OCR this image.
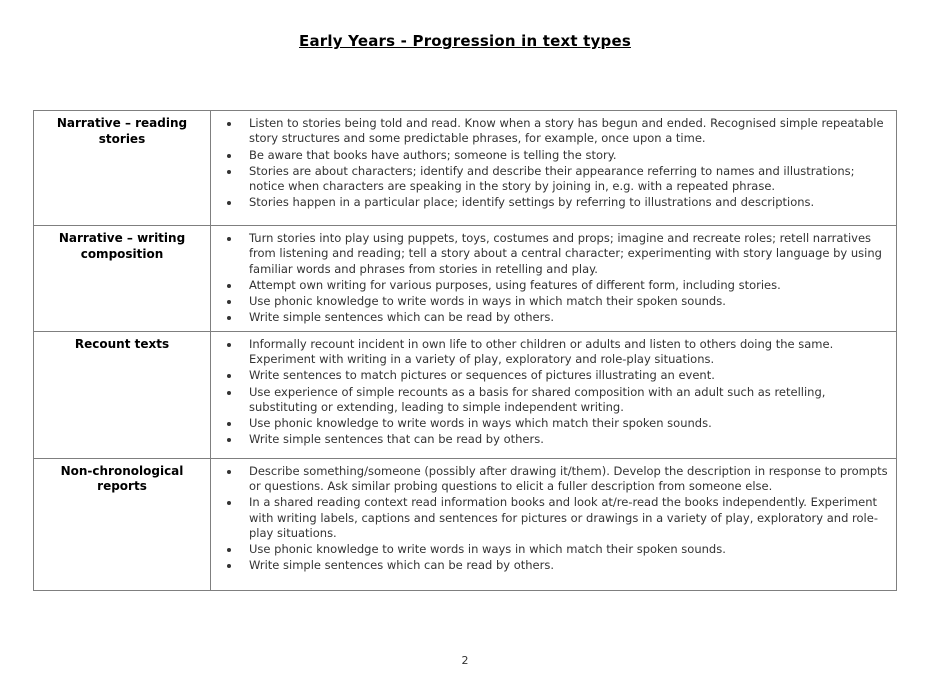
Early Years - Progression in text types
Narrative – reading stories	
• Listen to stories being told and read. Know when a story has begun and ended. Recognised simple repeatable story structures and some predictable phrases, for example, once upon a time.
• Be aware that books have authors; someone is telling the story.
• Stories are about characters; identify and describe their appearance referring to names and illustrations; notice when characters are speaking in the story by joining in, e.g. with a repeated phrase.
• Stories happen in a particular place; identify settings by referring to illustrations and descriptions.

Narrative – writing composition	
• Turn stories into play using puppets, toys, costumes and props; imagine and recreate roles; retell narratives from listening and reading; tell a story about a central character; experimenting with story language by using familiar words and phrases from stories in retelling and play.
• Attempt own writing for various purposes, using features of different form, including stories.
• Use phonic knowledge to write words in ways in which match their spoken sounds.
• Write simple sentences which can be read by others.

Recount texts	
•Informally recount incident in own life to other children or adults and listen to others doing the same. Experiment with writing in a variety of play, exploratory and role-play situations.
• Write sentences to match pictures or sequences of pictures illustrating an event.
• Use experience of simple recounts as a basis for shared composition with an adult such as retelling, substituting or extending, leading to simple independent writing.
• Use phonic knowledge to write words in ways which match their spoken sounds.
• Write simple sentences that can be read by others.

Non-chronological reports	
• Describe something/someone (possibly after drawing it/them). Develop the description in response to prompts or questions. Ask similar probing questions to elicit a fuller description from someone else.
• In a shared reading context read information books and look at/re-read the books independently. Experiment with writing labels, captions and sentences for pictures or drawings in a variety of play, exploratory and role-play situations.
• Use phonic knowledge to write words in ways in which match their spoken sounds.
• Write simple sentences which can be read by others.
2
